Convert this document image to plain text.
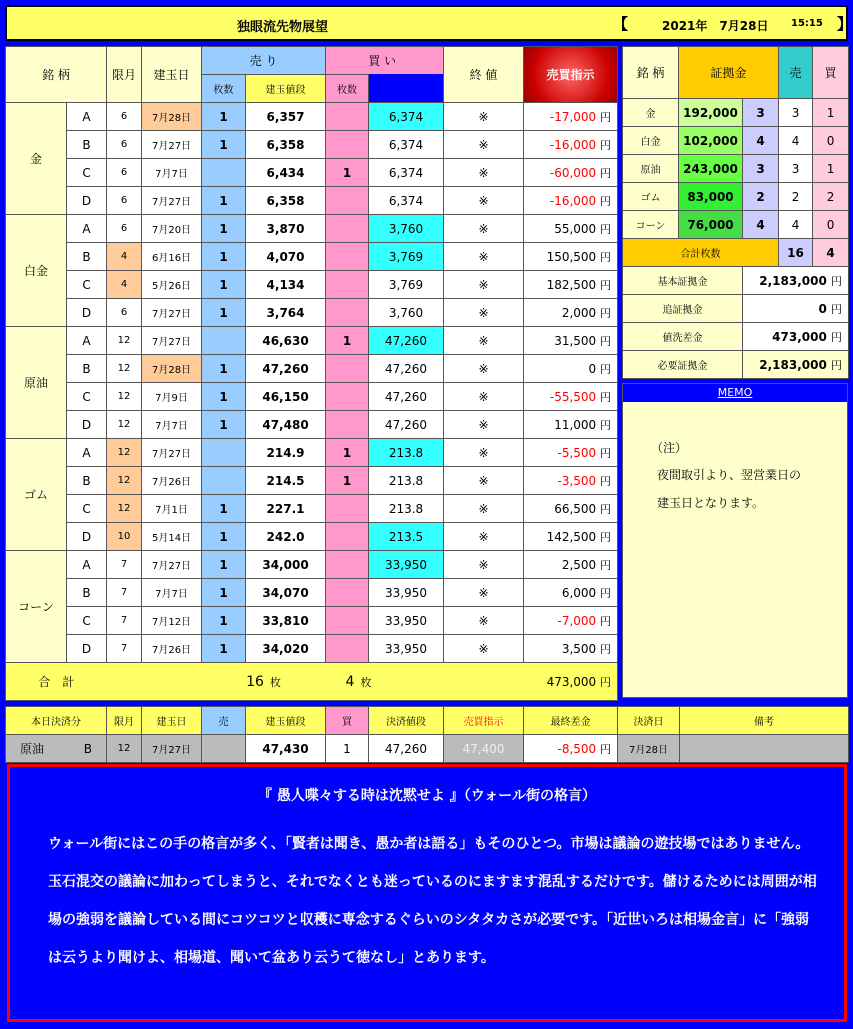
独眼流先物展望	【	2021年　7月28日 15:15 】
銘 柄		限月	建玉日	売 り		買 い		終 値	売買指示	
				枚数	建玉値段	枚数				
金	A	6	7月28日	1	6,357		6,374	※	-17,000 円	
	B	6	7月27日	1	6,358		6,374	※	-16,000 円	
	C	6	7月7日		6,434	1	6,374	※	-60,000 円	
	D	6	7月27日	1	6,358		6,374	※	-16,000 円	
白金	A	6	7月20日	1	3,870		3,760	※	55,000 円	
	B	4	6月16日	1	4,070		3,769	※	150,500 円	
	C	4	5月26日	1	4,134		3,769	※	182,500 円	
	D	6	7月27日	1	3,764		3,760	※	2,000 円	
原油	A	12	7月27日		46,630	1	47,260	※	31,500 円	
	B	12	7月28日	1	47,260		47,260	※	0 円	
	C	12	7月9日	1	46,150		47,260	※	-55,500 円	
	D	12	7月7日	1	47,480		47,260	※	11,000 円	
ゴム	A	12	7月27日		214.9	1	213.8	※	-5,500 円	
	B	12	7月26日		214.5	1	213.8	※	-3,500 円	
	C	12	7月1日	1	227.1		213.8	※	66,500 円	
	D	10	5月14日	1	242.0		213.5	※	142,500 円	
コーン	A	7	7月27日	1	34,000		33,950	※	2,500 円	
	B	7	7月7日	1	34,070		33,950	※	6,000 円	
	C	7	7月12日	1	33,810		33,950	※	-7,000 円	
	D	7	7月26日	1	34,020		33,950	※	3,500 円	
合　計				16 枚		4 枚			473,000 円	
銘 柄	証拠金		売	買
金	192,000	3	3	1
白金	102,000	4	4	0
原油	243,000	3	3	1
ゴム	83,000	2	2	2
コーン	76,000	4	4	0
合計枚数			16	4
基本証拠金		2,183,000 円		
追証拠金		0 円		
値洗差金		473,000 円		
必要証拠金		2,183,000 円		
MEMO
（注）
夜間取引より、翌営業日の
建玉日となります。
本日決済分	限月	建玉日	売	建玉値段	買	決済値段	売買指示	最終差金	決済日	備考
原油 B	12	7月27日		47,430	1	47,260	47,400	-8,500 円	7月28日	
『 愚人喋々する時は沈黙せよ 』（ウォール街の格言）
ウォール街にはこの手の格言が多く、「賢者は聞き、愚か者は語る」もそのひとつ。市場は議論の遊技場ではありません。玉石混交の議論に加わってしまうと、それでなくとも迷っているのにますます混乱するだけです。儲けるためには周囲が相場の強弱を議論している間にコツコツと収穫に専念するぐらいのシタタカさが必要です。「近世いろは相場金言」に「強弱は云うより聞けよ、相場道、聞いて盆あり云うて徳なし」とあります。
